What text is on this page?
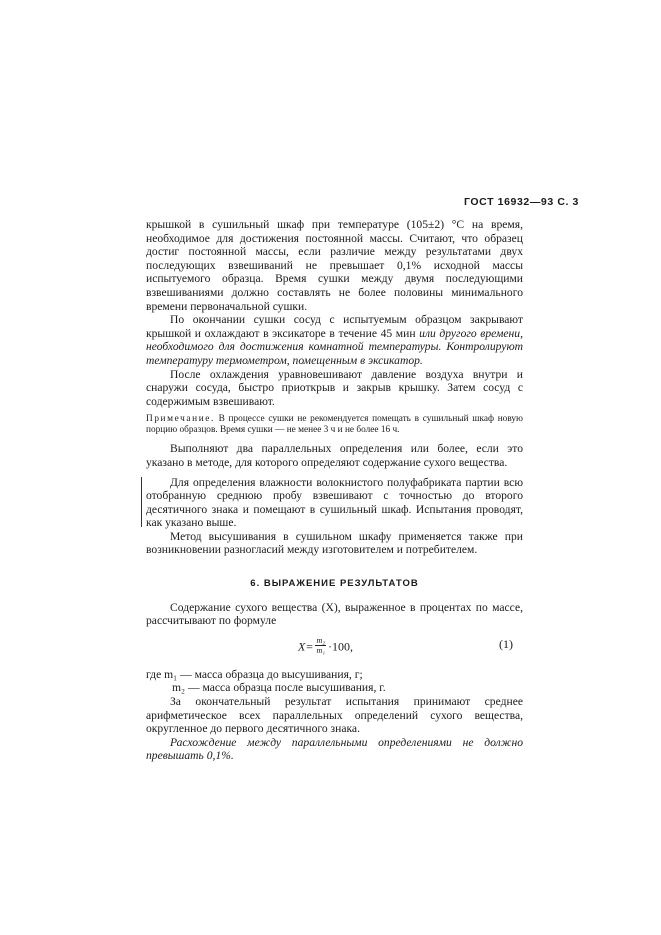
ГОСТ 16932—93 С. 3

крышкой в сушильный шкаф при температуре (105±2) °С на время, необходимое для достижения постоянной массы. Считают, что образец достиг постоянной массы, если различие между результатами двух последующих взвешиваний не превышает 0,1% исходной массы испытуемого образца. Время сушки между двумя последующими взвешиваниями должно составлять не более половины минимального времени первоначальной сушки.

По окончании сушки сосуд с испытуемым образцом закрывают крышкой и охлаждают в эксикаторе в течение 45 мин или другого времени, необходимого для достижения комнатной температуры. Контролируют температуру термометром, помещенным в эксикатор.

После охлаждения уравновешивают давление воздуха внутри и снаружи сосуда, быстро приоткрыв и закрыв крышку. Затем сосуд с содержимым взвешивают.

Примечание. В процессе сушки не рекомендуется помещать в сушильный шкаф новую порцию образцов. Время сушки — не менее 3 ч и не более 16 ч.

Выполняют два параллельных определения или более, если это указано в методе, для которого определяют содержание сухого вещества.

Для определения влажности волокнистого полуфабриката партии всю отобранную среднюю пробу взвешивают с точностью до второго десятичного знака и помещают в сушильный шкаф. Испытания проводят, как указано выше.

Метод высушивания в сушильном шкафу применяется также при возникновении разногласий между изготовителем и потребителем.

6. ВЫРАЖЕНИЕ РЕЗУЛЬТАТОВ

Содержание сухого вещества (X), выраженное в процентах по массе, рассчитывают по формуле

$X= \frac{\text{m₂}}{\text{m₁}} \cdot 100$,	(1)

где m₁ — масса образца до высушивания, г;

m₂ — масса образца после высушивания, г.

За окончательный результат испытания принимают среднее арифметическое всех параллельных определений сухого вещества, округленное до первого десятичного знака.

Расхождение между параллельными определениями не должно превышать 0,1%.
